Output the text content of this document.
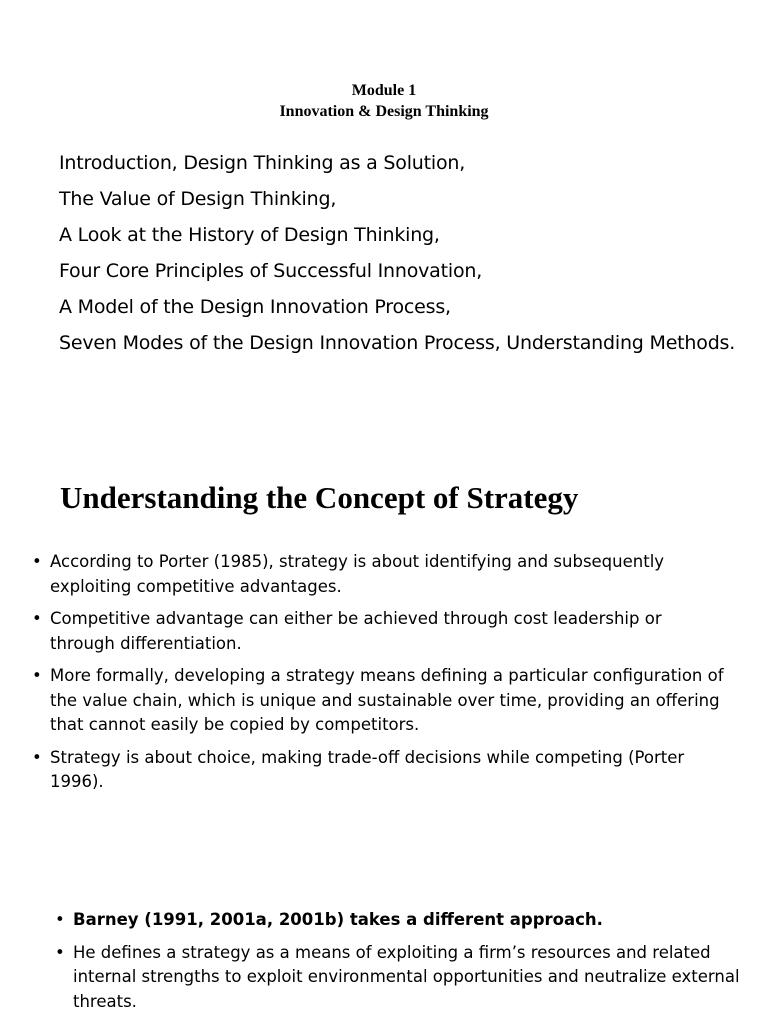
Module 1
Innovation & Design Thinking
Introduction, Design Thinking as a Solution,
The Value of Design Thinking,
A Look at the History of Design Thinking,
Four Core Principles of Successful Innovation,
A Model of the Design Innovation Process,
Seven Modes of the Design Innovation Process, Understanding Methods.
Understanding the Concept of Strategy
• According to Porter (1985), strategy is about identifying and subsequently exploiting competitive advantages.
• Competitive advantage can either be achieved through cost leadership or through differentiation.
• More formally, developing a strategy means defining a particular configuration of the value chain, which is unique and sustainable over time, providing an offering that cannot easily be copied by competitors.
• Strategy is about choice, making trade-off decisions while competing (Porter 1996).
• Barney (1991, 2001a, 2001b) takes a different approach.
• He defines a strategy as a means of exploiting a firm’s resources and related internal strengths to exploit environmental opportunities and neutralize external threats.
